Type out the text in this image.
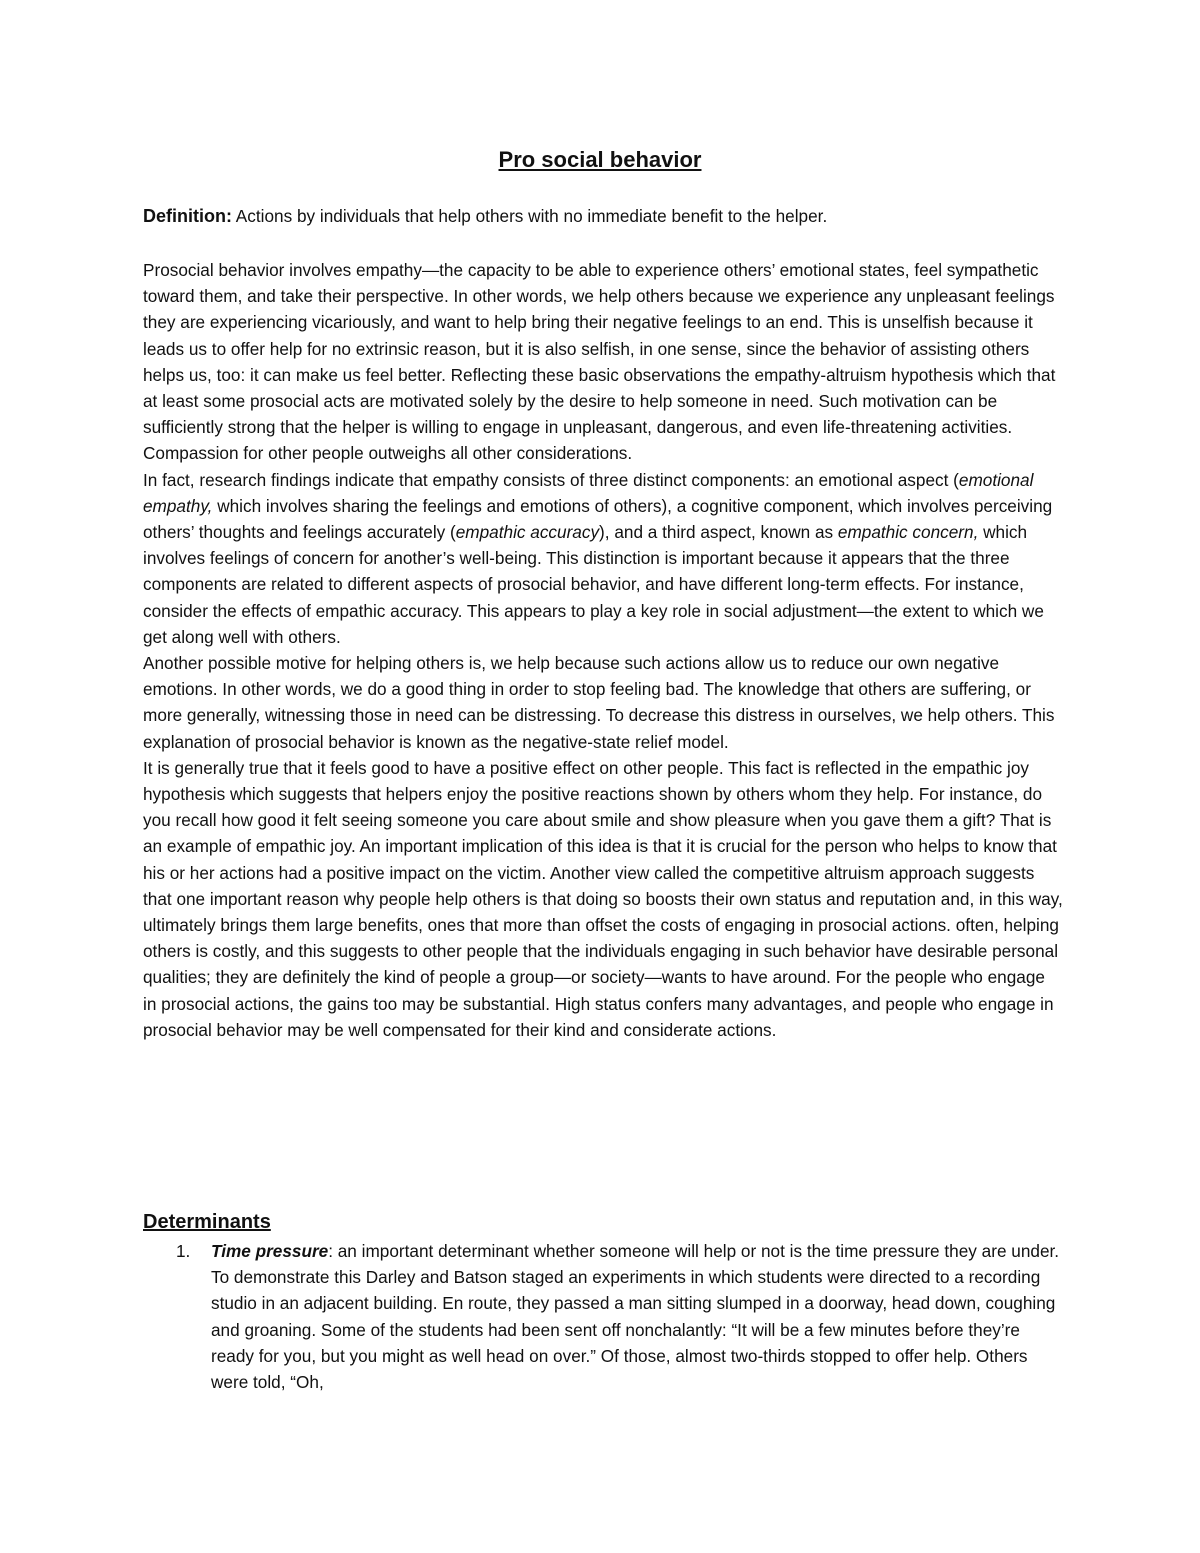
Pro social behavior
Definition: Actions by individuals that help others with no immediate benefit to the helper.

Prosocial behavior involves empathy—the capacity to be able to experience others’ emotional states, feel sympathetic toward them, and take their perspective. In other words, we help others because we experience any unpleasant feelings they are experiencing vicariously, and want to help bring their negative feelings to an end. This is unselfish because it leads us to offer help for no extrinsic reason, but it is also selfish, in one sense, since the behavior of assisting others helps us, too: it can make us feel better. Reflecting these basic observations the empathy-altruism hypothesis which that at least some prosocial acts are motivated solely by the desire to help someone in need. Such motivation can be sufficiently strong that the helper is willing to engage in unpleasant, dangerous, and even life-threatening activities. Compassion for other people outweighs all other considerations.

In fact, research findings indicate that empathy consists of three distinct components: an emotional aspect (emotional empathy, which involves sharing the feelings and emotions of others), a cognitive component, which involves perceiving others’ thoughts and feelings accurately (empathic accuracy), and a third aspect, known as empathic concern, which involves feelings of concern for another’s well-being. This distinction is important because it appears that the three components are related to different aspects of prosocial behavior, and have different long-term effects. For instance, consider the effects of empathic accuracy. This appears to play a key role in social adjustment—the extent to which we get along well with others.

Another possible motive for helping others is, we help because such actions allow us to reduce our own negative emotions. In other words, we do a good thing in order to stop feeling bad. The knowledge that others are suffering, or more generally, witnessing those in need can be distressing. To decrease this distress in ourselves, we help others. This explanation of prosocial behavior is known as the negative-state relief model.

It is generally true that it feels good to have a positive effect on other people. This fact is reflected in the empathic joy hypothesis which suggests that helpers enjoy the positive reactions shown by others whom they help. For instance, do you recall how good it felt seeing someone you care about smile and show pleasure when you gave them a gift? That is an example of empathic joy. An important implication of this idea is that it is crucial for the person who helps to know that his or her actions had a positive impact on the victim. Another view called the competitive altruism approach suggests that one important reason why people help others is that doing so boosts their own status and reputation and, in this way, ultimately brings them large benefits, ones that more than offset the costs of engaging in prosocial actions. often, helping others is costly, and this suggests to other people that the individuals engaging in such behavior have desirable personal qualities; they are definitely the kind of people a group—or society—wants to have around. For the people who engage in prosocial actions, the gains too may be substantial. High status confers many advantages, and people who engage in prosocial behavior may be well compensated for their kind and considerate actions.

Determinants
1. Time pressure: an important determinant whether someone will help or not is the time pressure they are under. To demonstrate this Darley and Batson staged an experiments in which students were directed to a recording studio in an adjacent building. En route, they passed a man sitting slumped in a doorway, head down, coughing and groaning. Some of the students had been sent off nonchalantly: “It will be a few minutes before they’re ready for you, but you might as well head on over.” Of those, almost two-thirds stopped to offer help. Others were told, “Oh,
